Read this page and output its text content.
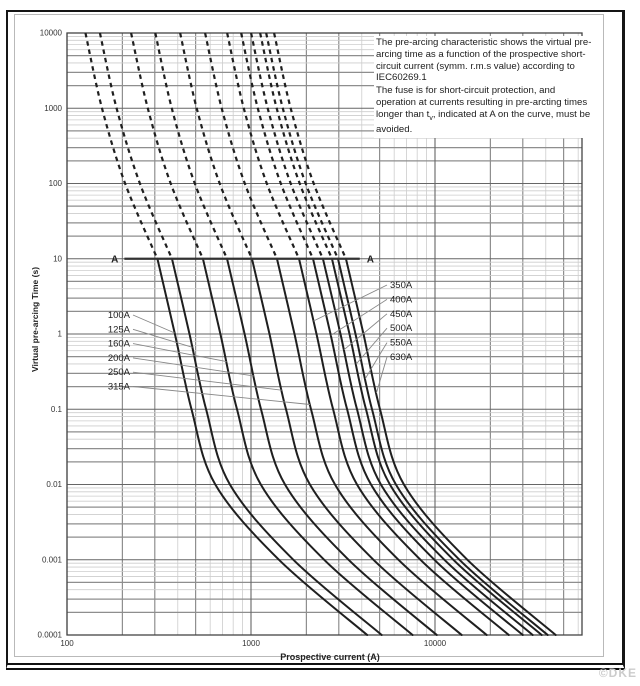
A	A
100A
125A
160A
200A
250A
315A
350A
400A
450A
500A
550A
630A
10000
1000
100
10
1
0.1
0.01
0.001
0.0001
100	1000	10000

The pre-arcing characteristic shows the virtual pre-arcing time as a function of the prospective short-circuit current (symm. r.m.s value) according to IEC60269.1

The fuse is for short-circuit protection, and operation at currents resulting in pre-arcting times longer than $t_v$, indicated at A on the curve, must be avoided.

Prospective current (A)
Virtual pre-arcing Time (s)
©DKE
